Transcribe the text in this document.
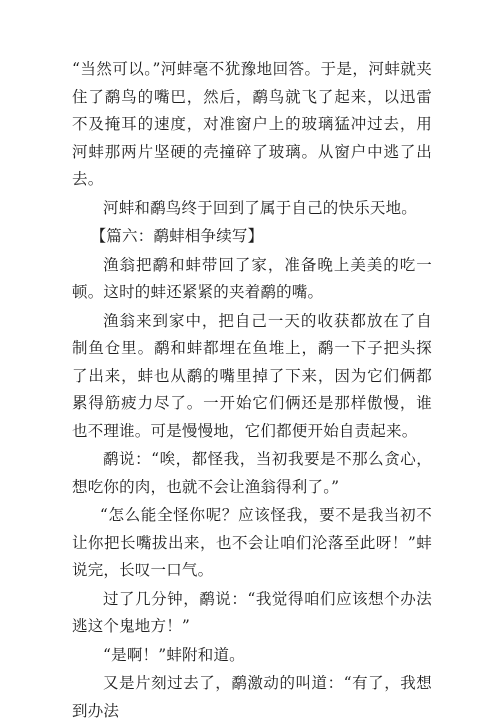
“当然可以。”河蚌毫不犹豫地回答。于是，河蚌就夹住了鹬鸟的嘴巴，然后，鹬鸟就飞了起来，以迅雷不及掩耳的速度，对准窗户上的玻璃猛冲过去，用河蚌那两片坚硬的壳撞碎了玻璃。从窗户中逃了出去。

河蚌和鹬鸟终于回到了属于自己的快乐天地。

【篇六：鹬蚌相争续写】

渔翁把鹬和蚌带回了家，准备晚上美美的吃一顿。这时的蚌还紧紧的夹着鹬的嘴。

渔翁来到家中，把自己一天的收获都放在了自制鱼仓里。鹬和蚌都埋在鱼堆上，鹬一下子把头探了出来，蚌也从鹬的嘴里掉了下来，因为它们俩都累得筋疲力尽了。一开始它们俩还是那样傲慢，谁也不理谁。可是慢慢地，它们都便开始自责起来。

鹬说：“唉，都怪我，当初我要是不那么贪心，想吃你的肉，也就不会让渔翁得利了。”

“怎么能全怪你呢？应该怪我，要不是我当初不让你把长嘴拔出来，也不会让咱们沦落至此呀！”蚌说完，长叹一口气。

过了几分钟，鹬说：“我觉得咱们应该想个办法逃这个鬼地方！”

“是啊！”蚌附和道。

又是片刻过去了，鹬激动的叫道：“有了，我想到办法
